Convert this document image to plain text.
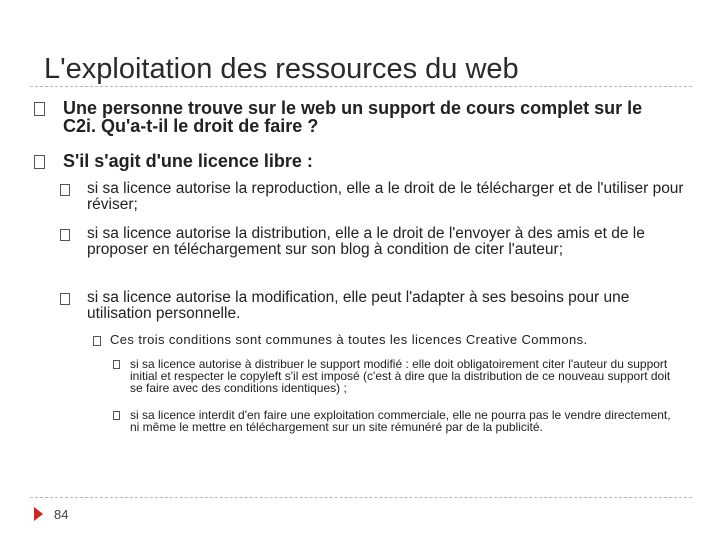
L'exploitation des ressources du web
Une personne trouve sur le web un support de cours complet sur le C2i. Qu'a-t-il le droit de faire ?
S'il s'agit d'une licence libre :
si sa licence autorise la reproduction, elle a le droit de le télécharger et de l'utiliser pour réviser;
si sa licence autorise la distribution, elle a le droit de l'envoyer à des amis et de le proposer en téléchargement sur son blog à condition de citer l'auteur;
si sa licence autorise la modification, elle peut l'adapter à ses besoins pour une utilisation personnelle.
Ces trois conditions sont communes à toutes les licences Creative Commons.
si sa licence autorise à distribuer le support modifié : elle doit obligatoirement citer l'auteur du support initial et respecter le copyleft s'il est imposé (c'est à dire que la distribution de ce nouveau support doit se faire avec des conditions identiques) ;
si sa licence interdit d'en faire une exploitation commerciale, elle ne pourra pas le vendre directement, ni même le mettre en téléchargement sur un site rémunéré par de la publicité.
84
